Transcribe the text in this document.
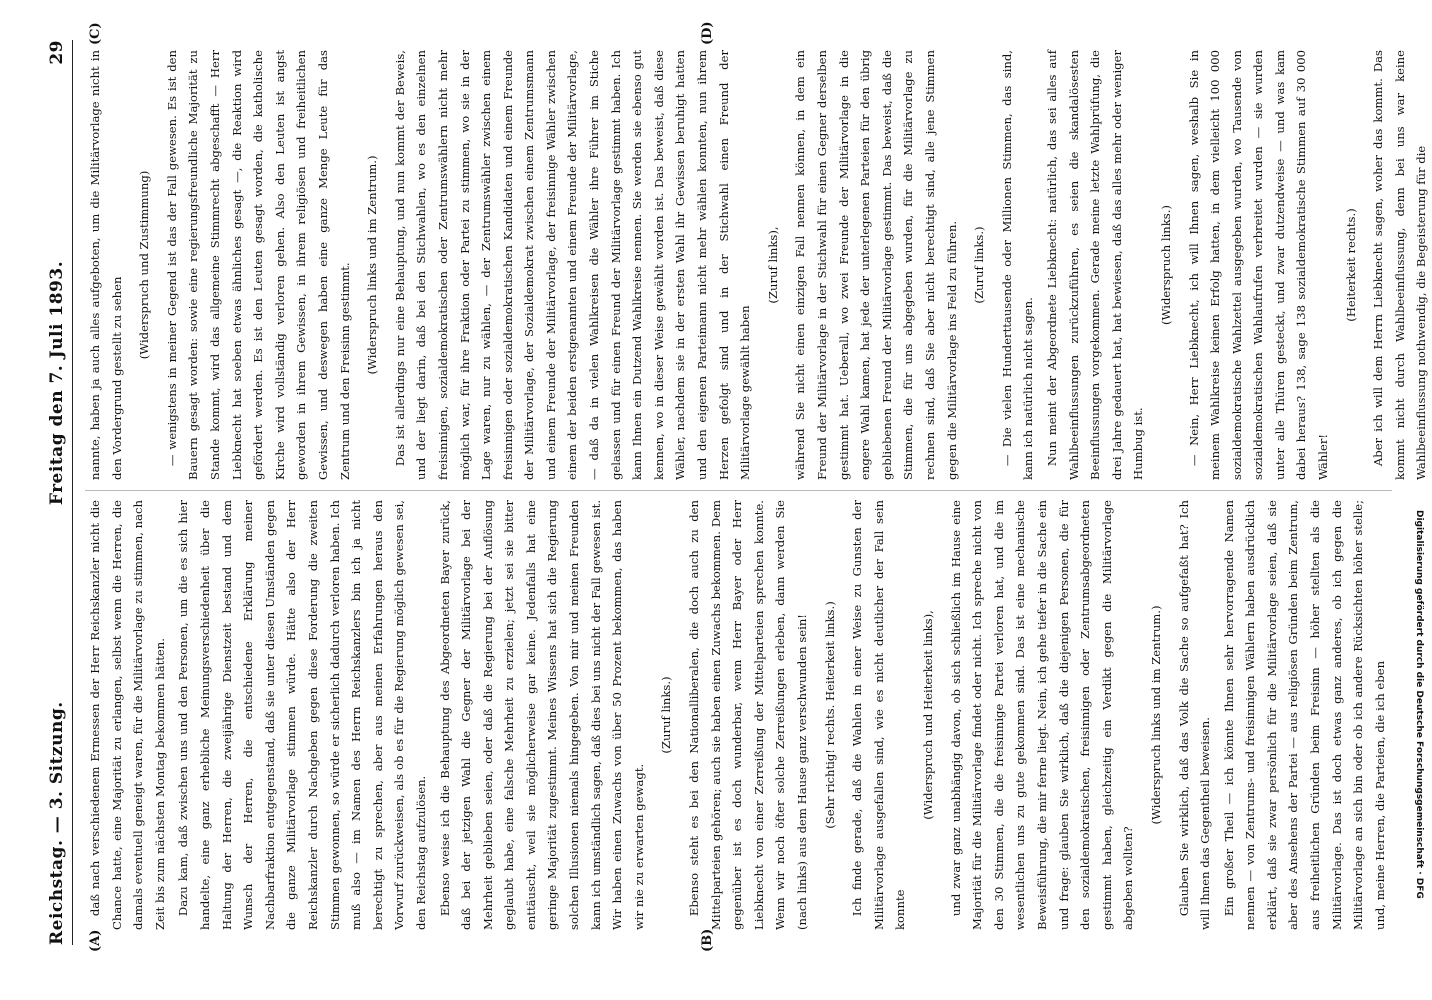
Reichstag. — 3. Sitzung.
Freitag den 7. Juli 1893.
29
(A)	(B)
(C)	(D)

daß nach verschiedenem Ermessen der Herr Reichskanzler nicht die Chance hatte, eine Majorität zu erlangen, selbst wenn die Herren, die damals eventuell geneigt waren, für die Militärvorlage zu stimmen, nach Zeit bis zum nächsten Montag bekommen hätten. Dazu kam, daß zwischen uns und den Personen, um die es sich hier handelte, eine ganz erhebliche Meinungsverschiedenheit über die Haltung der Herren, die zweijährige Dienstzeit bestand und dem Wunsch der Herren, die entschiedene Erklärung meiner Nachbarfraktion entgegenstand, daß sie unter diesen Umständen gegen die ganze Militärvorlage stimmen würde. Hätte also der Herr Reichskanzler durch Nachgeben gegen diese Forderung die zweiten Stimmen gewonnen, so würde er sicherlich dadurch verloren haben. Ich muß also — im Namen des Herrn Reichskanzlers bin ich ja nicht berechtigt zu sprechen, aber aus meinen Erfahrungen heraus den Vorwurf zurückweisen, als ob es für die Regierung möglich gewesen sei, den Reichstag aufzulösen. Ebenso weise ich die Behauptung des Abgeordneten Bayer zurück, daß bei der jetzigen Wahl die Gegner der Militärvorlage bei der Mehrheit geblieben seien, oder daß die Regierung bei der Auflösung geglaubt habe, eine falsche Mehrheit zu erzielen; jetzt sei sie bitter enttäuscht, weil sie möglicherweise gar keine. Jedenfalls hat eine geringe Majorität zugestimmt. Meines Wissens hat sich die Regierung solchen Illusionen niemals hingegeben. Von mir und meinen Freunden kann ich umständlich sagen, daß dies bei uns nicht der Fall gewesen ist. Wir haben einen Zuwachs von über 50 Prozent bekommen, das haben wir nie zu erwarten gewagt.

(Zuruf links.)	Ebenso steht es bei den Nationalliberalen, die doch auch zu den Mittelparteien gehören; auch sie haben einen Zuwachs bekommen. Dem gegenüber ist es doch wunderbar, wenn Herr Bayer oder Herr Liebknecht von einer Zerreißung der Mittelparteien sprechen konnte. Wenn wir noch öfter solche Zerreißungen erleben, dann werden Sie (nach links) aus dem Hause ganz verschwunden sein!	(Sehr richtig! rechts. Heiterkeit links.)	Ich finde gerade, daß die Wahlen in einer Weise zu Gunsten der Militärvorlage ausgefallen sind, wie es nicht deutlicher der Fall sein konnte

(Widerspruch und Heiterkeit links),	und zwar ganz unabhängig davon, ob sich schließlich im Hause eine Majorität für die Militärvorlage findet oder nicht. Ich spreche nicht von den 30 Stimmen, die die freisinnige Partei verloren hat, und die im wesentlichen uns zu gute gekommen sind. Das ist eine mechanische Beweisführung, die mir ferne liegt. Nein, ich gehe tiefer in die Sache ein und frage: glauben Sie wirklich, daß die diejenigen Personen, die für den sozialdemokratischen, freisinnigen oder Zentrumsabgeordneten gestimmt haben, gleichzeitig ein Verdikt gegen die Militärvorlage abgeben wollten?

(Widerspruch links und im Zentrum.)	Glauben Sie wirklich, daß das Volk die Sache so aufgefaßt hat? Ich will Ihnen das Gegentheil beweisen. Ein großer Theil — ich könnte Ihnen sehr hervorragende Namen nennen — von Zentrums- und freisinnigen Wählern haben ausdrücklich erklärt, daß sie zwar persönlich für die Militärvorlage seien, daß sie aber des Ansehens der Partei — aus religiösen Gründen beim Zentrum, aus freiheitlichen Gründen beim Freisinn — höher stellten als die Militärvorlage. Das ist doch etwas ganz anderes, ob ich gegen die Militärvorlage an sich bin oder ob ich andere Rücksichten höher stelle; und, meine Herren, die Parteien, die ich eben

nannte, haben ja auch alles aufgeboten, um die Militärvorlage nicht in den Vordergrund gestellt zu sehen

(Widerspruch und Zustimmung)	— wenigstens in meiner Gegend ist das der Fall gewesen. Es ist den Bauern gesagt worden: sowie eine regierungsfreundliche Majorität zu Stande kommt, wird das allgemeine Stimmrecht abgeschafft — Herr Liebknecht hat soeben etwas ähnliches gesagt —, die Reaktion wird gefördert werden. Es ist den Leuten gesagt worden, die katholische Kirche wird vollständig verloren gehen. Also den Leuten ist angst geworden in ihrem Gewissen, in ihrem religiösen und freiheitlichen Gewissen, und deswegen haben eine ganze Menge Leute für das Zentrum und den Freisinn gestimmt.	(Widerspruch links und im Zentrum.)	Das ist allerdings nur eine Behauptung, und nun kommt der Beweis, und der liegt darin, daß bei den Stichwahlen, wo es den einzelnen freisinnigen, sozialdemokratischen oder Zentrumswählern nicht mehr möglich war, für ihre Fraktion oder Partei zu stimmen, wo sie in der Lage waren, nur zu wählen, — der Zentrumswähler zwischen einem freisinnigen oder sozialdemokratischen Kandidaten und einem Freunde der Militärvorlage, der Sozialdemokrat zwischen einem Zentrumsmann und einem Freunde der Militärvorlage, der freisinnige Wähler zwischen einem der beiden erstgenannten und einem Freunde der Militärvorlage, — daß da in vielen Wahlkreisen die Wähler ihre Führer im Stiche gelassen und für einen Freund der Militärvorlage gestimmt haben. Ich kann Ihnen ein Dutzend Wahlkreise nennen. Sie werden sie ebenso gut kennen, wo in dieser Weise gewählt worden ist. Das beweist, daß diese Wähler, nachdem sie in der ersten Wahl ihr Gewissen beruhigt hatten und den eigenen Parteimann nicht mehr wählen konnten, nun ihrem Herzen gefolgt sind und in der Stichwahl einen Freund der Militärvorlage gewählt haben

(Zuruf links),	während Sie nicht einen einzigen Fall nennen können, in dem ein Freund der Militärvorlage in der Stichwahl für einen Gegner derselben gestimmt hat. Ueberall, wo zwei Freunde der Militärvorlage in die engere Wahl kamen, hat jede der unterlegenen Parteien für den übrig gebliebenen Freund der Militärvorlage gestimmt. Das beweist, daß die Stimmen, die für uns abgegeben wurden, für die Militärvorlage zu rechnen sind, daß Sie aber nicht berechtigt sind, alle jene Stimmen gegen die Militärvorlage ins Feld zu führen.	(Zuruf links.)	— Die vielen Hunderttausende oder Millionen Stimmen, das sind, kann ich natürlich nicht sagen. Nun meint der Abgeordnete Liebknecht: natürlich, das sei alles auf Wahlbeeinflussungen zurückzuführen, es seien die skandalösesten Beeinflussungen vorgekommen. Gerade meine letzte Wahlprüfung, die drei Jahre gedauert hat, hat bewiesen, daß das alles mehr oder weniger Humbug ist.

(Widerspruch links.)	— Nein, Herr Liebknecht, ich will Ihnen sagen, weshalb Sie in meinem Wahlkreise keinen Erfolg hatten, in dem vielleicht 100 000 sozialdemokratische Wahlzettel ausgegeben wurden, wo Tausende von sozialdemokratischen Wahlaufrufen verbreitet wurden — sie wurden unter alle Thüren gesteckt, und zwar dutzendweise — und was kam dabei heraus? 138, sage 138 sozialdemokratische Stimmen auf 30 000 Wähler!

(Heiterkeit rechts.)	Aber ich will dem Herrn Liebknecht sagen, woher das kommt. Das kommt nicht durch Wahlbeeinflussung, denn bei uns war keine Wahlbeeinflussung nothwendig, die Begeisterung für die

Digitalisierung gefördert durch die Deutsche Forschungsgemeinschaft · DFG
